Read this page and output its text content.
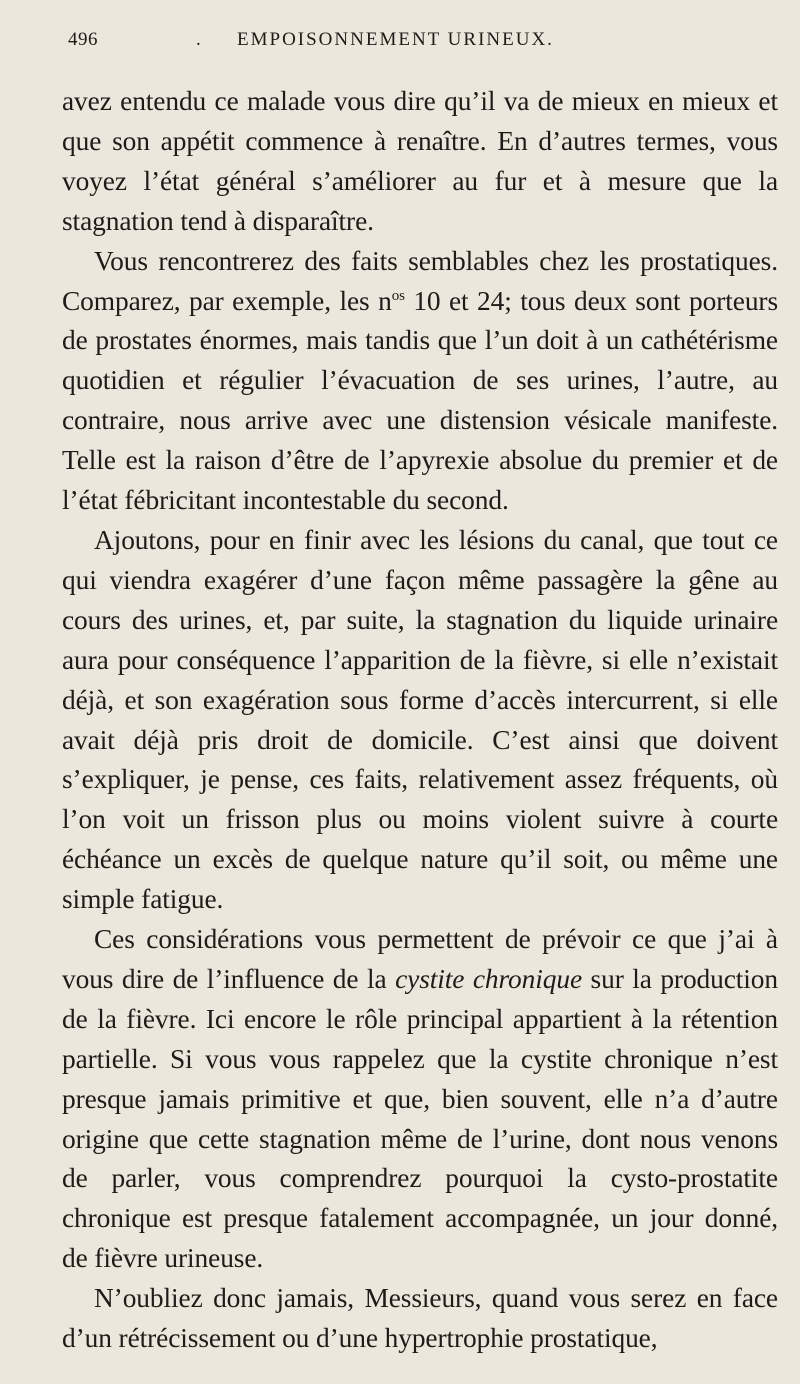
496	. EMPOISONNEMENT URINEUX.

avez entendu ce malade vous dire qu’il va de mieux en mieux et que son appétit commence à renaître. En d’autres termes, vous voyez l’état général s’améliorer au fur et à mesure que la stagnation tend à disparaître.

Vous rencontrerez des faits semblables chez les prostatiques. Comparez, par exemple, les $n^{os}$ 10 et 24; tous deux sont porteurs de prostates énormes, mais tandis que l’un doit à un cathétérisme quotidien et régulier l’évacuation de ses urines, l’autre, au contraire, nous arrive avec une distension vésicale manifeste. Telle est la raison d’être de l’apyrexie absolue du premier et de l’état fébricitant incontestable du second.

Ajoutons, pour en finir avec les lésions du canal, que tout ce qui viendra exagérer d’une façon même passagère la gêne au cours des urines, et, par suite, la stagnation du liquide urinaire aura pour conséquence l’apparition de la fièvre, si elle n’existait déjà, et son exagération sous forme d’accès intercurrent, si elle avait déjà pris droit de domicile. C’est ainsi que doivent s’expliquer, je pense, ces faits, relativement assez fréquents, où l’on voit un frisson plus ou moins violent suivre à courte échéance un excès de quelque nature qu’il soit, ou même une simple fatigue.

Ces considérations vous permettent de prévoir ce que j’ai à vous dire de l’influence de la cystite chronique sur la production de la fièvre. Ici encore le rôle principal appartient à la rétention partielle. Si vous vous rappelez que la cystite chronique n’est presque jamais primitive et que, bien souvent, elle n’a d’autre origine que cette stagnation même de l’urine, dont nous venons de parler, vous comprendrez pourquoi la cysto-prostatite chronique est presque fatalement accompagnée, un jour donné, de fièvre urineuse.

N’oubliez donc jamais, Messieurs, quand vous serez en face d’un rétrécissement ou d’une hypertrophie prostatique,
